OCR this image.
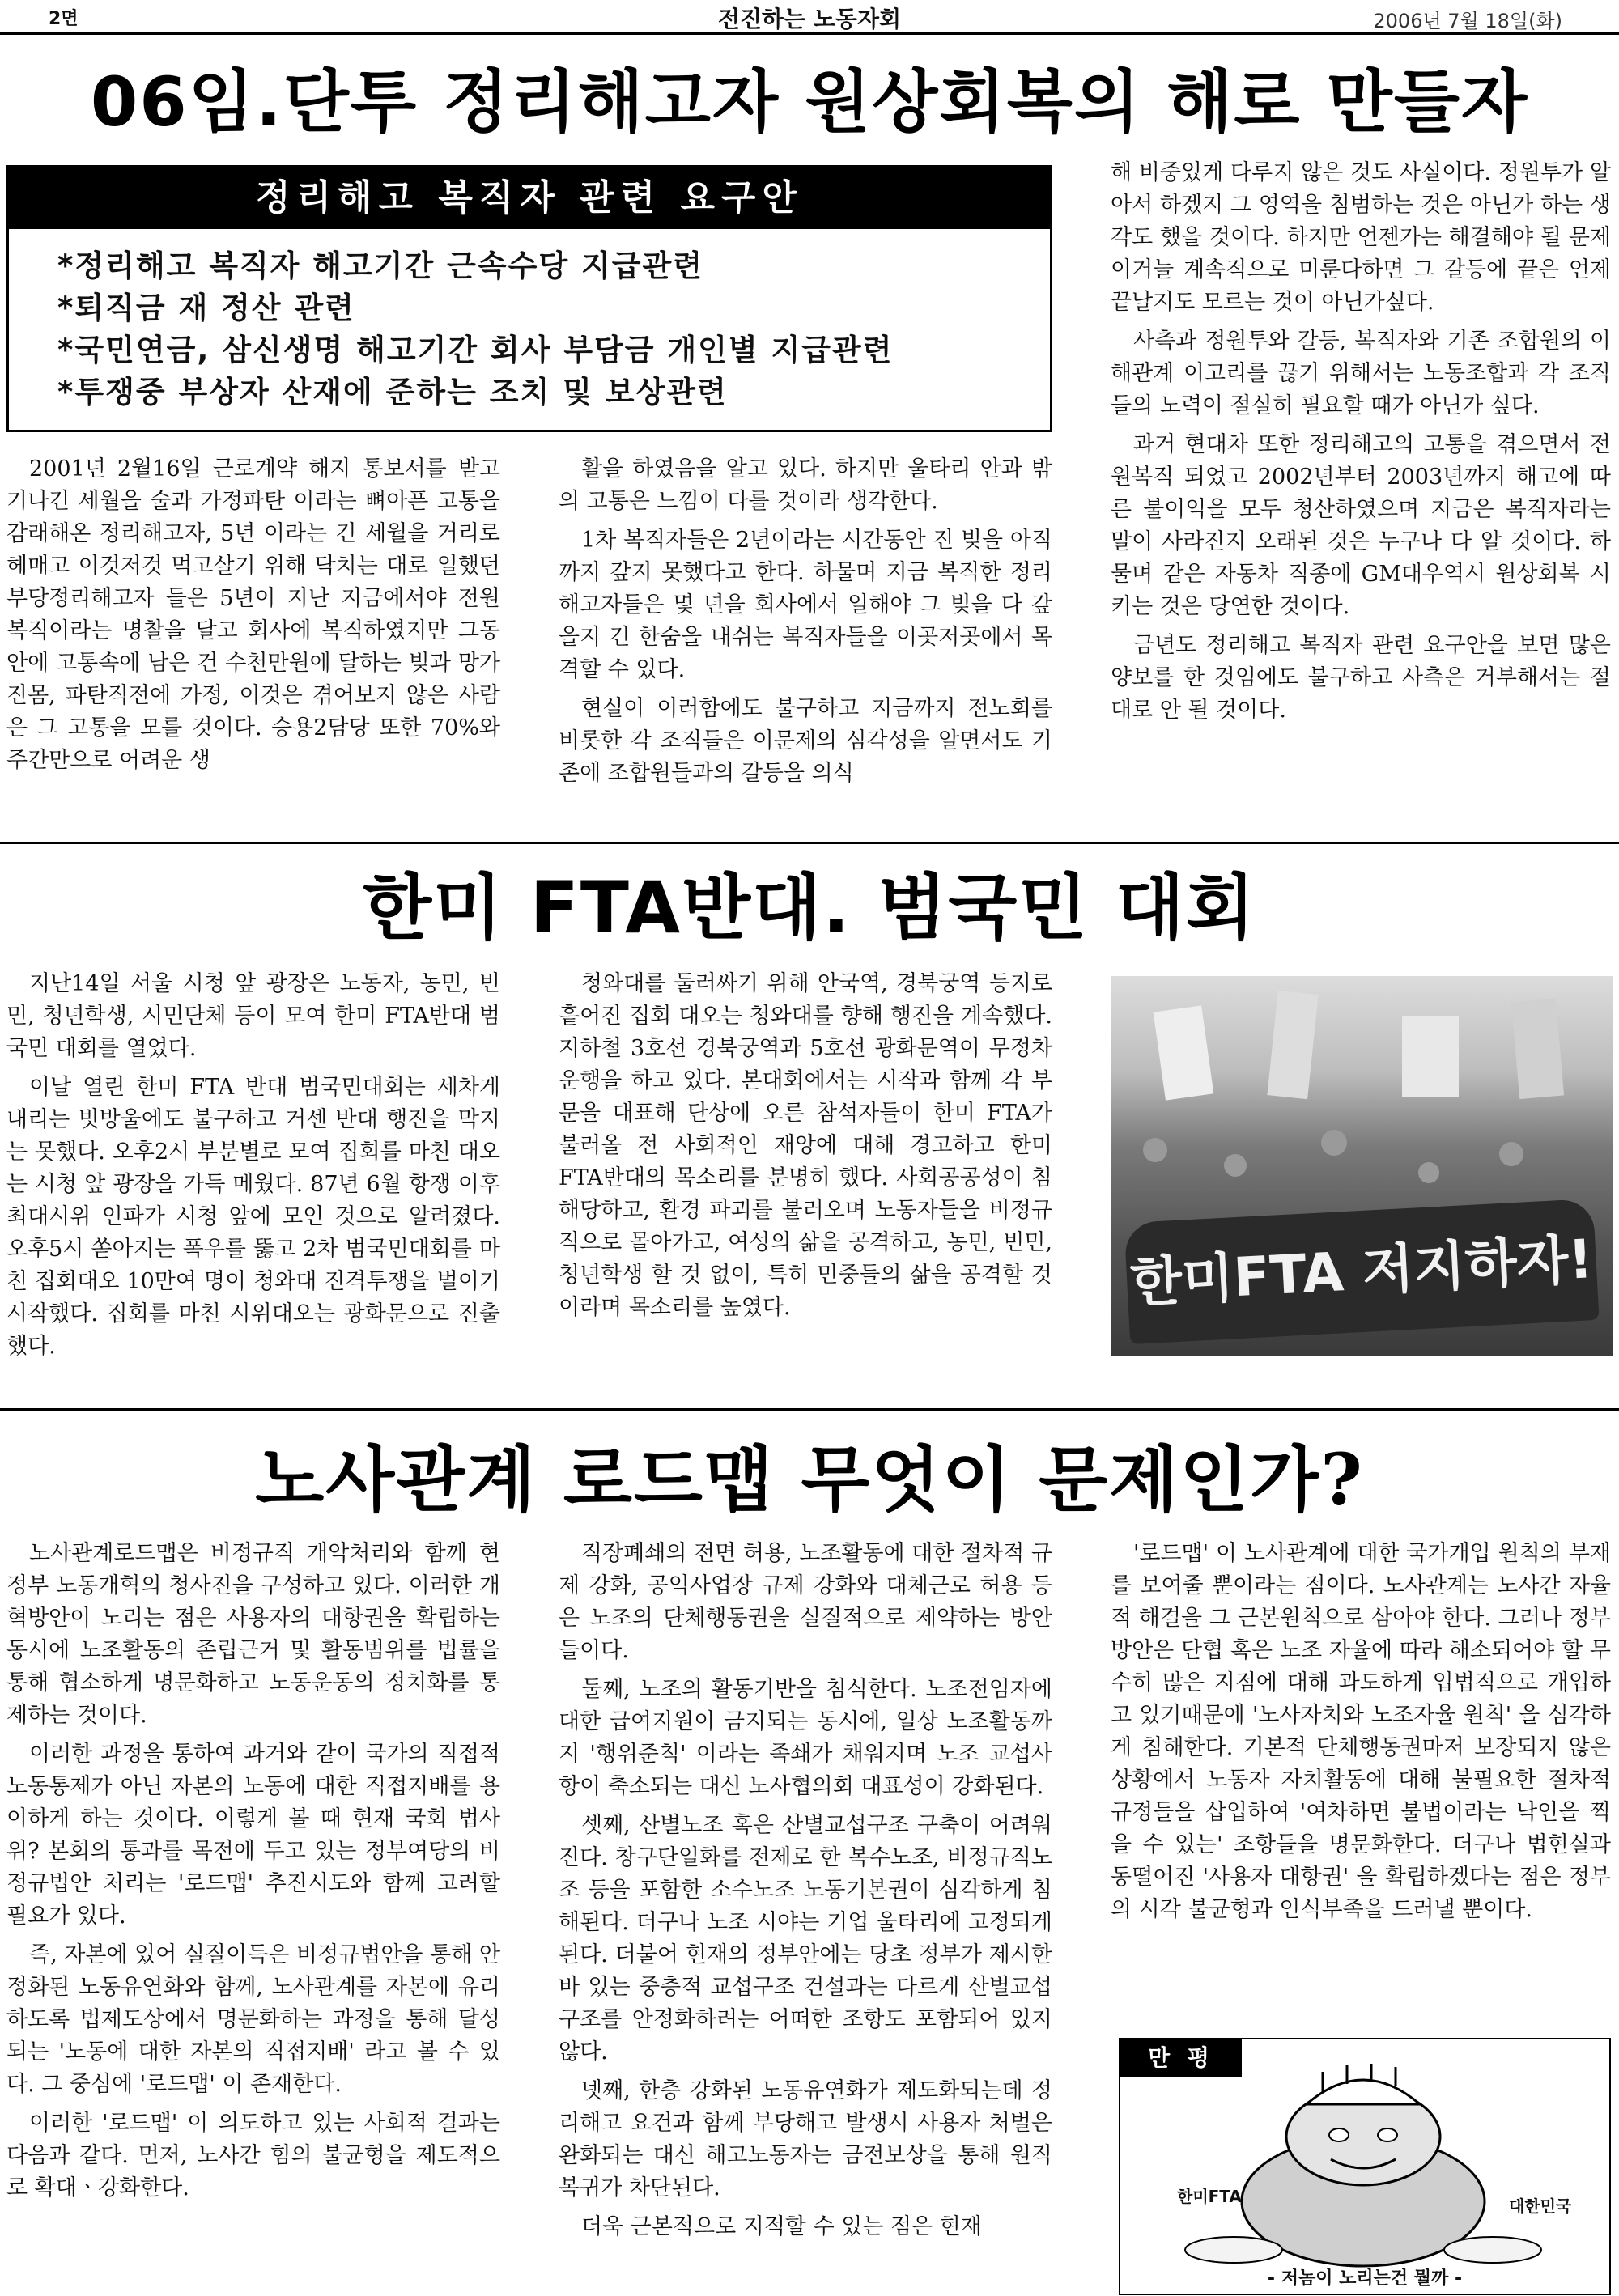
2면	전진하는 노동자회	2006년 7월 18일(화)
06임.단투 정리해고자 원상회복의 해로 만들자
정리해고 복직자 관련 요구안
*정리해고 복직자 해고기간 근속수당 지급관련
*퇴직금 재 정산 관련
*국민연금, 삼신생명 해고기간 회사 부담금 개인별 지급관련
*투쟁중 부상자 산재에 준하는 조치 및 보상관련

2001년 2월16일 근로계약 해지 통보서를 받고 기나긴 세월을 술과 가정파탄 이라는 뼈아픈 고통을 감래해온 정리해고자, 5년 이라는 긴 세월을 거리로 헤매고 이것저것 먹고살기 위해 닥치는 대로 일했던 부당정리해고자 들은 5년이 지난 지금에서야 전원 복직이라는 명찰을 달고 회사에 복직하였지만 그동안에 고통속에 남은 건 수천만원에 달하는 빚과 망가진몸, 파탄직전에 가정, 이것은 겪어보지 않은 사람은 그 고통을 모를 것이다. 승용2담당 또한 70%와 주간만으로 어려운 생

활을 하였음을 알고 있다. 하지만 울타리 안과 밖의 고통은 느낌이 다를 것이라 생각한다.

1차 복직자들은 2년이라는 시간동안 진 빚을 아직까지 갚지 못했다고 한다. 하물며 지금 복직한 정리해고자들은 몇 년을 회사에서 일해야 그 빚을 다 갚을지 긴 한숨을 내쉬는 복직자들을 이곳저곳에서 목격할 수 있다.

현실이 이러함에도 불구하고 지금까지 전노회를 비롯한 각 조직들은 이문제의 심각성을 알면서도 기존에 조합원들과의 갈등을 의식

해 비중있게 다루지 않은 것도 사실이다. 정원투가 알아서 하겠지 그 영역을 침범하는 것은 아닌가 하는 생각도 했을 것이다. 하지만 언젠가는 해결해야 될 문제이거늘 계속적으로 미룬다하면 그 갈등에 끝은 언제 끝날지도 모르는 것이 아닌가싶다.

사측과 정원투와 갈등, 복직자와 기존 조합원의 이해관계 이고리를 끊기 위해서는 노동조합과 각 조직들의 노력이 절실히 필요할 때가 아닌가 싶다.

과거 현대차 또한 정리해고의 고통을 겪으면서 전원복직 되었고 2002년부터 2003년까지 해고에 따른 불이익을 모두 청산하였으며 지금은 복직자라는 말이 사라진지 오래된 것은 누구나 다 알 것이다. 하물며 같은 자동차 직종에 GM대우역시 원상회복 시키는 것은 당연한 것이다.

금년도 정리해고 복직자 관련 요구안을 보면 많은 양보를 한 것임에도 불구하고 사측은 거부해서는 절대로 안 될 것이다.

한미 FTA반대. 범국민 대회

지난14일 서울 시청 앞 광장은 노동자, 농민, 빈민, 청년학생, 시민단체 등이 모여 한미 FTA반대 범국민 대회를 열었다.

이날 열린 한미 FTA 반대 범국민대회는 세차게 내리는 빗방울에도 불구하고 거센 반대 행진을 막지는 못했다. 오후2시 부분별로 모여 집회를 마친 대오는 시청 앞 광장을 가득 메웠다. 87년 6월 항쟁 이후 최대시위 인파가 시청 앞에 모인 것으로 알려졌다. 오후5시 쏟아지는 폭우를 뚫고 2차 범국민대회를 마친 집회대오 10만여 명이 청와대 진격투쟁을 벌이기 시작했다. 집회를 마친 시위대오는 광화문으로 진출했다.

청와대를 둘러싸기 위해 안국역, 경북궁역 등지로 흩어진 집회 대오는 청와대를 향해 행진을 계속했다. 지하철 3호선 경북궁역과 5호선 광화문역이 무정차 운행을 하고 있다. 본대회에서는 시작과 함께 각 부문을 대표해 단상에 오른 참석자들이 한미 FTA가 불러올 전 사회적인 재앙에 대해 경고하고 한미 FTA반대의 목소리를 분명히 했다. 사회공공성이 침해당하고, 환경 파괴를 불러오며 노동자들을 비정규직으로 몰아가고, 여성의 삶을 공격하고, 농민, 빈민, 청년학생 할 것 없이, 특히 민중들의 삶을 공격할 것이라며 목소리를 높였다.	한미FTA 저지하자!
노사관계 로드맵 무엇이 문제인가?

노사관계로드맵은 비정규직 개악처리와 함께 현정부 노동개혁의 청사진을 구성하고 있다. 이러한 개혁방안이 노리는 점은 사용자의 대항권을 확립하는 동시에 노조활동의 존립근거 및 활동범위를 법률을 통해 협소하게 명문화하고 노동운동의 정치화를 통제하는 것이다.

이러한 과정을 통하여 과거와 같이 국가의 직접적 노동통제가 아닌 자본의 노동에 대한 직접지배를 용이하게 하는 것이다. 이렇게 볼 때 현재 국회 법사위? 본회의 통과를 목전에 두고 있는 정부여당의 비정규법안 처리는 '로드맵' 추진시도와 함께 고려할 필요가 있다.

즉, 자본에 있어 실질이득은 비정규법안을 통해 안정화된 노동유연화와 함께, 노사관계를 자본에 유리하도록 법제도상에서 명문화하는 과정을 통해 달성되는 '노동에 대한 자본의 직접지배' 라고 볼 수 있다. 그 중심에 '로드맵' 이 존재한다.

이러한 '로드맵' 이 의도하고 있는 사회적 결과는 다음과 같다. 먼저, 노사간 힘의 불균형을 제도적으로 확대ㆍ강화한다.

직장폐쇄의 전면 허용, 노조활동에 대한 절차적 규제 강화, 공익사업장 규제 강화와 대체근로 허용 등은 노조의 단체행동권을 실질적으로 제약하는 방안들이다.

둘째, 노조의 활동기반을 침식한다. 노조전임자에 대한 급여지원이 금지되는 동시에, 일상 노조활동까지 '행위준칙' 이라는 족쇄가 채워지며 노조 교섭사항이 축소되는 대신 노사협의회 대표성이 강화된다.

셋째, 산별노조 혹은 산별교섭구조 구축이 어려워진다. 창구단일화를 전제로 한 복수노조, 비정규직노조 등을 포함한 소수노조 노동기본권이 심각하게 침해된다. 더구나 노조 시야는 기업 울타리에 고정되게 된다. 더불어 현재의 정부안에는 당초 정부가 제시한 바 있는 중층적 교섭구조 건설과는 다르게 산별교섭구조를 안정화하려는 어떠한 조항도 포함되어 있지 않다.

넷째, 한층 강화된 노동유연화가 제도화되는데 정리해고 요건과 함께 부당해고 발생시 사용자 처벌은 완화되는 대신 해고노동자는 금전보상을 통해 원직복귀가 차단된다.

더욱 근본적으로 지적할 수 있는 점은 현재

'로드맵' 이 노사관계에 대한 국가개입 원칙의 부재를 보여줄 뿐이라는 점이다. 노사관계는 노사간 자율적 해결을 그 근본원칙으로 삼아야 한다. 그러나 정부방안은 단협 혹은 노조 자율에 따라 해소되어야 할 무수히 많은 지점에 대해 과도하게 입법적으로 개입하고 있기때문에 '노사자치와 노조자율 원칙' 을 심각하게 침해한다. 기본적 단체행동권마저 보장되지 않은 상황에서 노동자 자치활동에 대해 불필요한 절차적 규정들을 삽입하여 '여차하면 불법이라는 낙인을 찍을 수 있는' 조항들을 명문화한다. 더구나 법현실과 동떨어진 '사용자 대항권' 을 확립하겠다는 점은 정부의 시각 불균형과 인식부족을 드러낼 뿐이다.

만 평
한미FTA	대한민국
- 저놈이 노리는건 뭘까 -
